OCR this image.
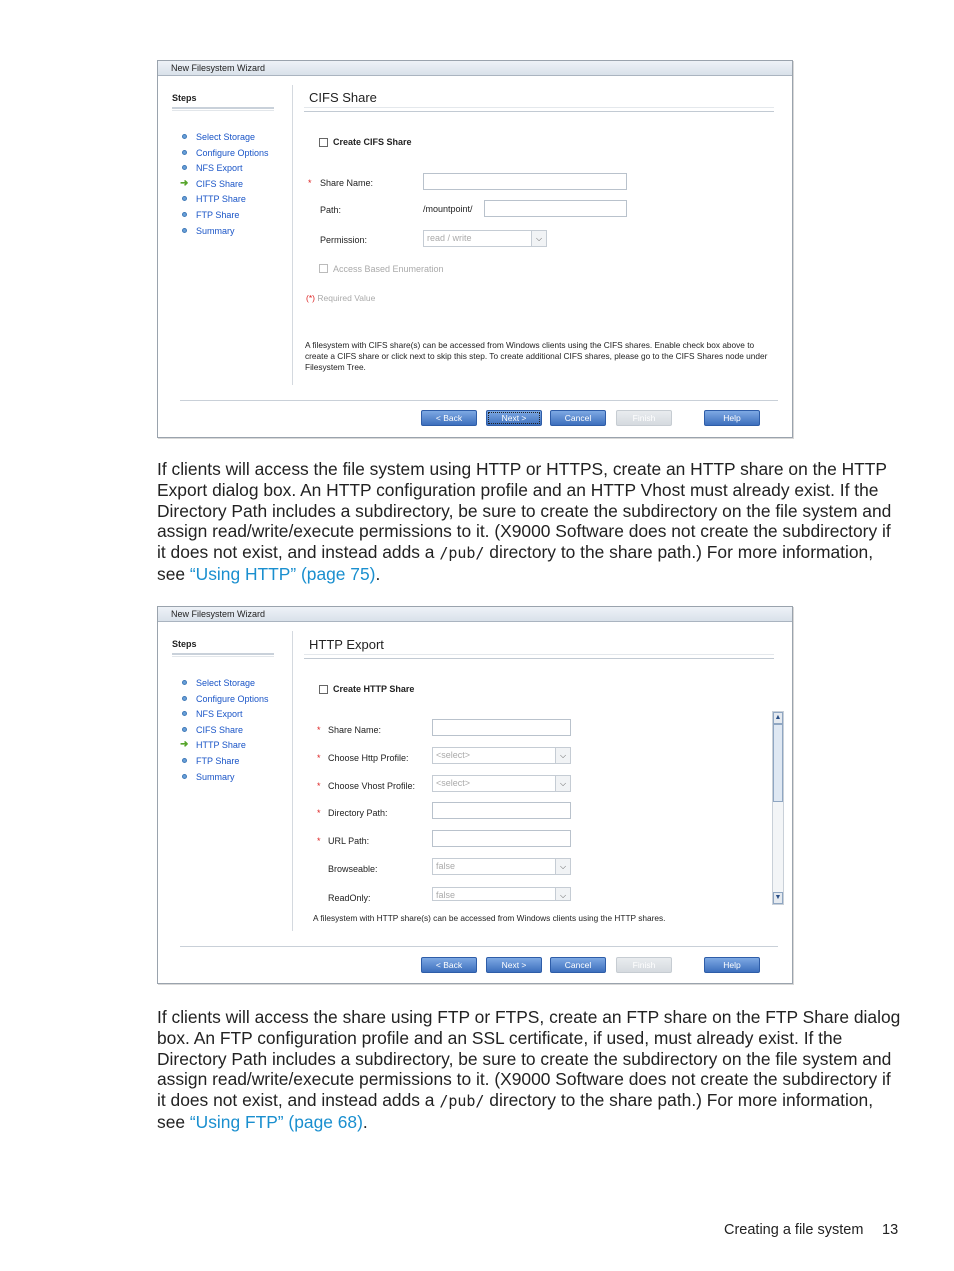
New Filesystem Wizard
Steps
Select Storage
Configure Options
NFS Export
➜ CIFS Share
HTTP Share
FTP Share
Summary
CIFS Share
Create CIFS Share
* Share Name:
Path:	/mountpoint/
Permission:	read / write	⌵
Access Based Enumeration
(*) Required Value
A filesystem with CIFS share(s) can be accessed from Windows clients using the CIFS shares. Enable check box above to create a CIFS share or click next to skip this step. To create additional CIFS shares, please go to the CIFS Shares node under Filesystem Tree.
< Back	Next >	Cancel	Finish	Help
If clients will access the file system using HTTP or HTTPS, create an HTTP share on the HTTP Export dialog box. An HTTP configuration profile and an HTTP Vhost must already exist. If the Directory Path includes a subdirectory, be sure to create the subdirectory on the file system and assign read/write/execute permissions to it. (X9000 Software does not create the subdirectory if it does not exist, and instead adds a /pub/ directory to the share path.) For more information, see “Using HTTP” (page 75).
New Filesystem Wizard
Steps
Select Storage
Configure Options
NFS Export
CIFS Share
➜ HTTP Share
FTP Share
Summary
HTTP Export
Create HTTP Share
* Share Name:
* Choose Http Profile:	<select>	⌵
* Choose Vhost Profile:	<select>	⌵
* Directory Path:
* URL Path:
Browseable:	false	⌵
ReadOnly:	false	⌵
▲
▼
A filesystem with HTTP share(s) can be accessed from Windows clients using the HTTP shares.
< Back	Next >	Cancel	Finish	Help
If clients will access the share using FTP or FTPS, create an FTP share on the FTP Share dialog box. An FTP configuration profile and an SSL certificate, if used, must already exist. If the Directory Path includes a subdirectory, be sure to create the subdirectory on the file system and assign read/write/execute permissions to it. (X9000 Software does not create the subdirectory if it does not exist, and instead adds a /pub/ directory to the share path.) For more information, see “Using FTP” (page 68).
Creating a file system 13
